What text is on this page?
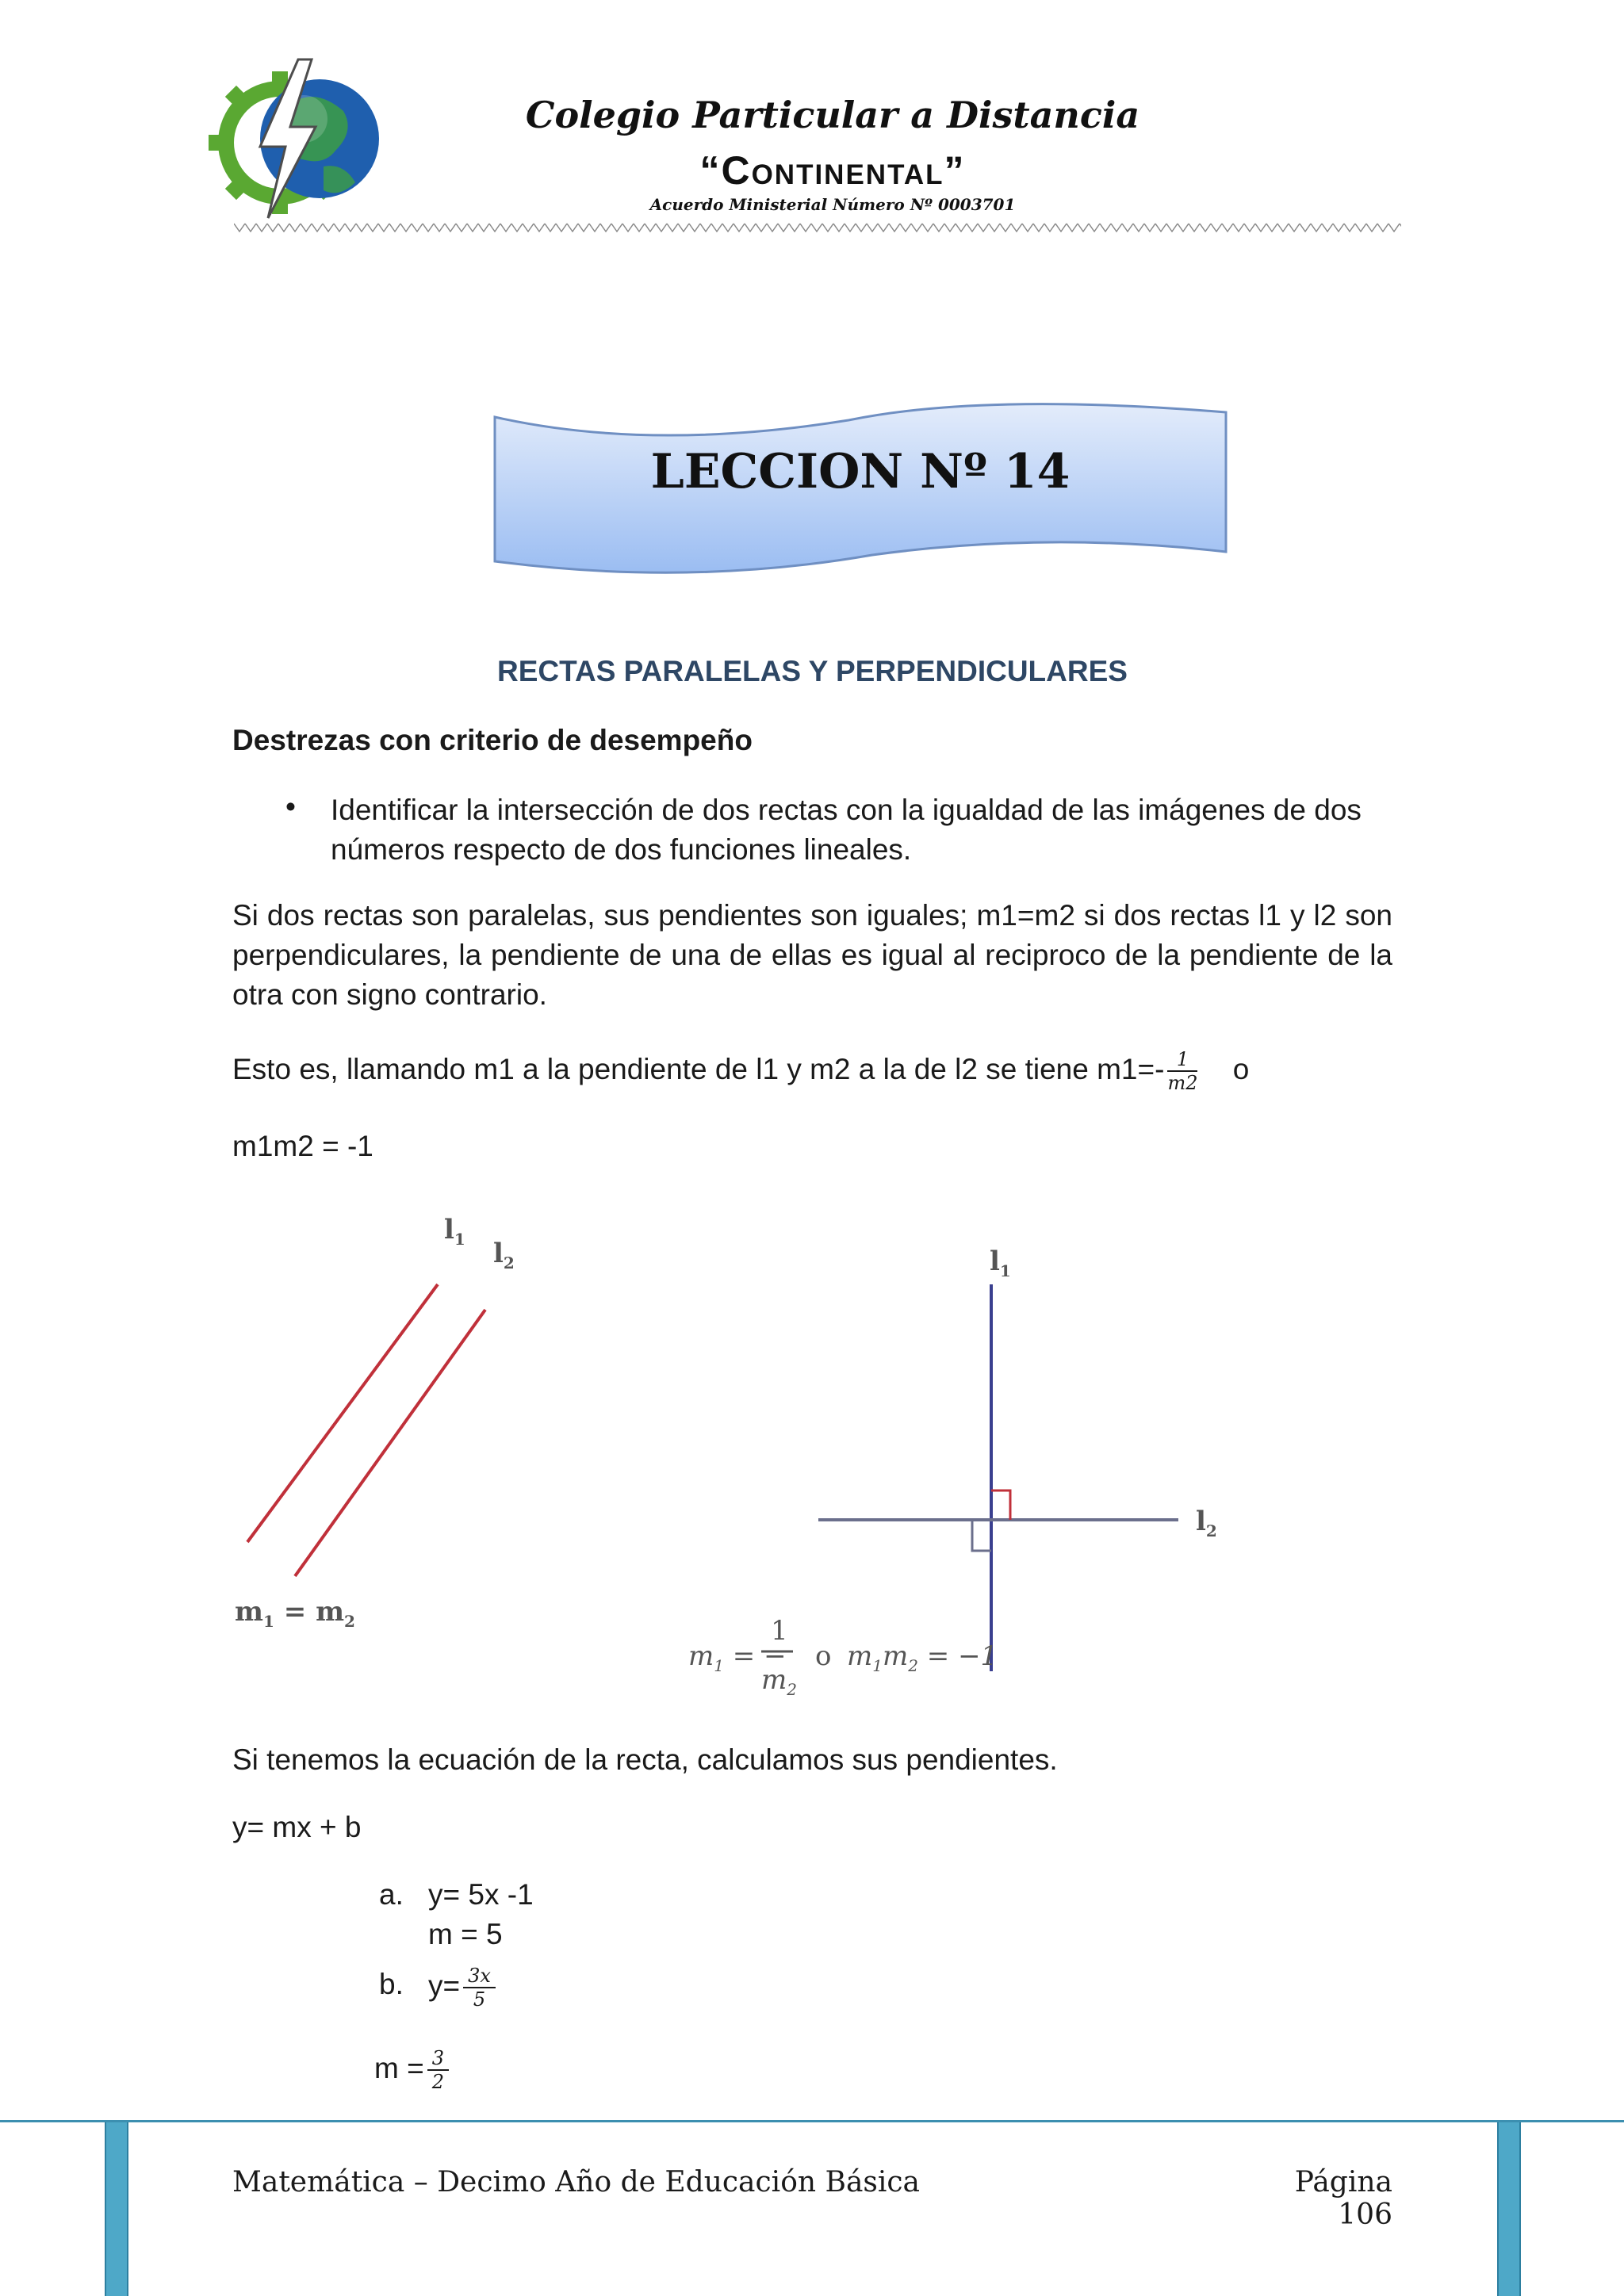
Colegio Particular a Distancia
“Continental”
Acuerdo Ministerial Número Nº 0003701
LECCION Nº 14
RECTAS PARALELAS Y PERPENDICULARES
Destrezas con criterio de desempeño
• Identificar la intersección de dos rectas con la igualdad de las imágenes de dos números respecto de dos funciones lineales.
Si dos rectas son paralelas, sus pendientes son iguales; m1=m2 si dos rectas l1 y l2 son perpendiculares, la pendiente de una de ellas es igual al reciproco de la pendiente de la otra con signo contrario.
Esto es, llamando m1 a la pendiente de l1 y m2 a la de l2 se tiene $m1=- \frac{1}{m2}$ o
m1m2 = -1
$l_1$ $l_2$
$m_1 = m_2$
$l_1$
$l_2$
$m_1$ = −
1
$m_2$
o $m_1m_2 = -1$
Si tenemos la ecuación de la recta, calculamos sus pendientes.
y= mx + b
a. y= 5x -1
m = 5
b. $y= \frac{3x}{5}$
$m = \frac{3}{2}$
Matemática – Decimo Año de Educación Básica	Página 106
